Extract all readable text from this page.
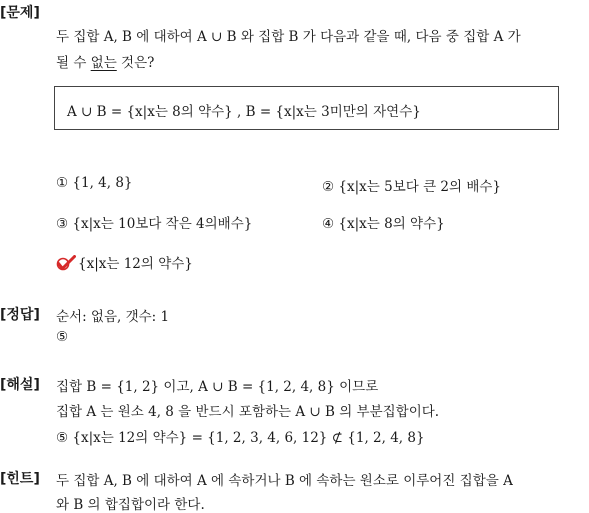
[문제]
두 집합 A, B 에 대하여 A ∪ B 와 집합 B 가 다음과 같을 때, 다음 중 집합 A 가
될 수 없는 것은?
A ∪ B = {x|x는 8의 약수} , B = {x|x는 3미만의 자연수}
① {1, 4, 8}	② {x|x는 5보다 큰 2의 배수}
③ {x|x는 10보다 작은 4의배수}	④ {x|x는 8의 약수}
{x|x는 12의 약수}
[정답] 순서: 없음, 갯수: 1
⑤
[해설] 집합 B = {1, 2} 이고, A ∪ B = {1, 2, 4, 8} 이므로
집합 A 는 원소 4, 8 을 반드시 포함하는 A ∪ B 의 부분집합이다.
⑤ {x|x는 12의 약수} = {1, 2, 3, 4, 6, 12} ⊄ {1, 2, 4, 8}
[힌트] 두 집합 A, B 에 대하여 A 에 속하거나 B 에 속하는 원소로 이루어진 집합을 A
와 B 의 합집합이라 한다.
